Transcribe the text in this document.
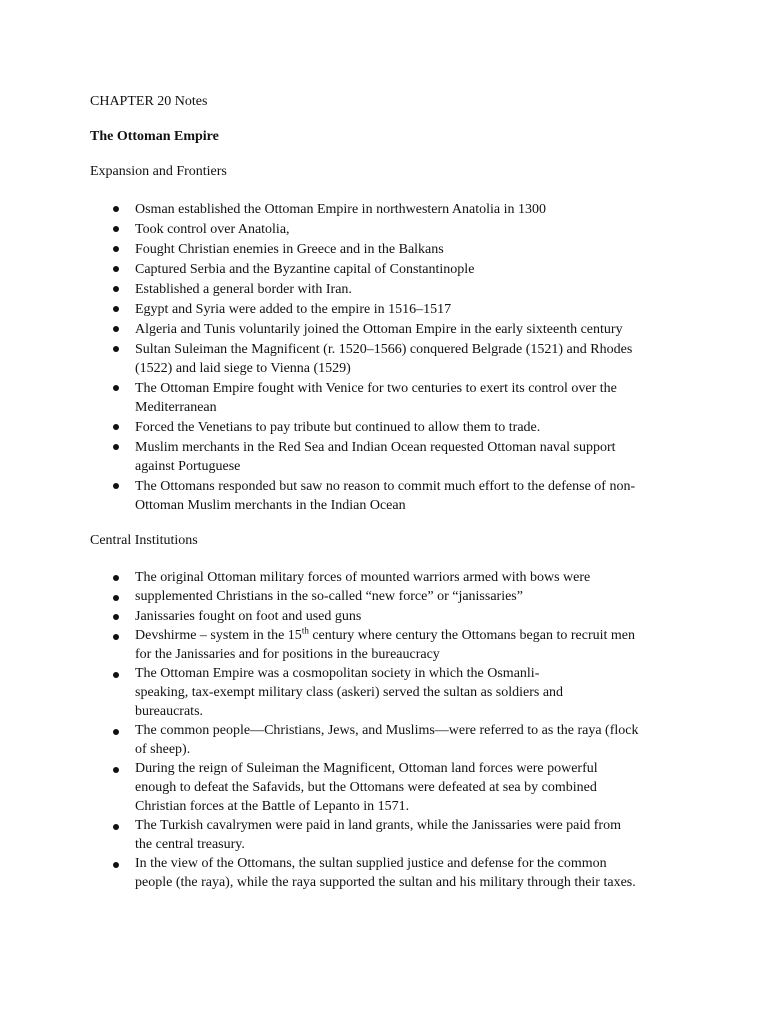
CHAPTER 20 Notes

The Ottoman Empire

Expansion and Frontiers

Osman established the Ottoman Empire in northwestern Anatolia in 1300
Took control over Anatolia,
Fought Christian enemies in Greece and in the Balkans
Captured Serbia and the Byzantine capital of Constantinople
Established a general border with Iran.
Egypt and Syria were added to the empire in 1516–1517
Algeria and Tunis voluntarily joined the Ottoman Empire in the early sixteenth century
Sultan Suleiman the Magnificent (r. 1520–1566) conquered Belgrade (1521) and Rhodes
(1522) and laid siege to Vienna (1529)
The Ottoman Empire fought with Venice for two centuries to exert its control over the
Mediterranean
Forced the Venetians to pay tribute but continued to allow them to trade.
Muslim merchants in the Red Sea and Indian Ocean requested Ottoman naval support
against Portuguese
The Ottomans responded but saw no reason to commit much effort to the defense of non-
Ottoman Muslim merchants in the Indian Ocean

Central Institutions

The original Ottoman military forces of mounted warriors armed with bows were
supplemented Christians in the so-called “new force” or “janissaries”
Janissaries fought on foot and used guns
Devshirme – system in the 15th century where century the Ottomans began to recruit men
for the Janissaries and for positions in the bureaucracy
The Ottoman Empire was a cosmopolitan society in which the Osmanli-
speaking, tax-exempt military class (askeri) served the sultan as soldiers and
bureaucrats.
The common people—Christians, Jews, and Muslims—were referred to as the raya (flock
of sheep).
During the reign of Suleiman the Magnificent, Ottoman land forces were powerful
enough to defeat the Safavids, but the Ottomans were defeated at sea by combined
Christian forces at the Battle of Lepanto in 1571.
The Turkish cavalrymen were paid in land grants, while the Janissaries were paid from
the central treasury.
In the view of the Ottomans, the sultan supplied justice and defense for the common
people (the raya), while the raya supported the sultan and his military through their taxes.
